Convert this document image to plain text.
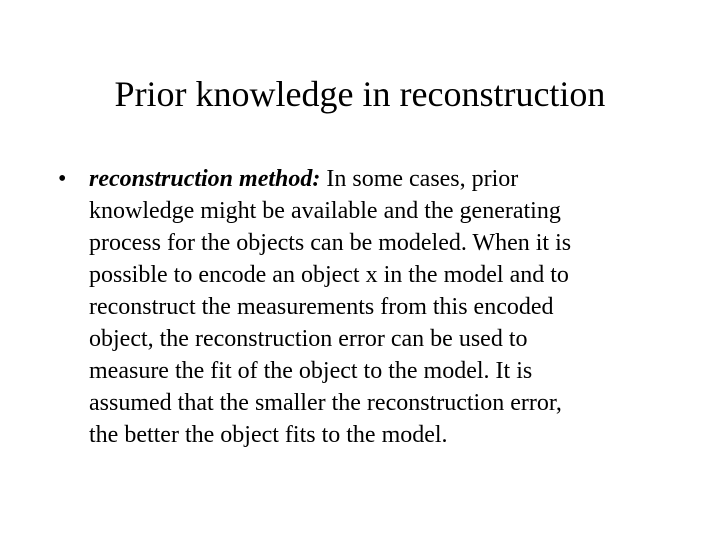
Prior knowledge in reconstruction
• reconstruction method: In some cases, prior
knowledge might be available and the generating
process for the objects can be modeled. When it is
possible to encode an object x in the model and to
reconstruct the measurements from this encoded
object, the reconstruction error can be used to
measure the fit of the object to the model. It is
assumed that the smaller the reconstruction error,
the better the object fits to the model.
